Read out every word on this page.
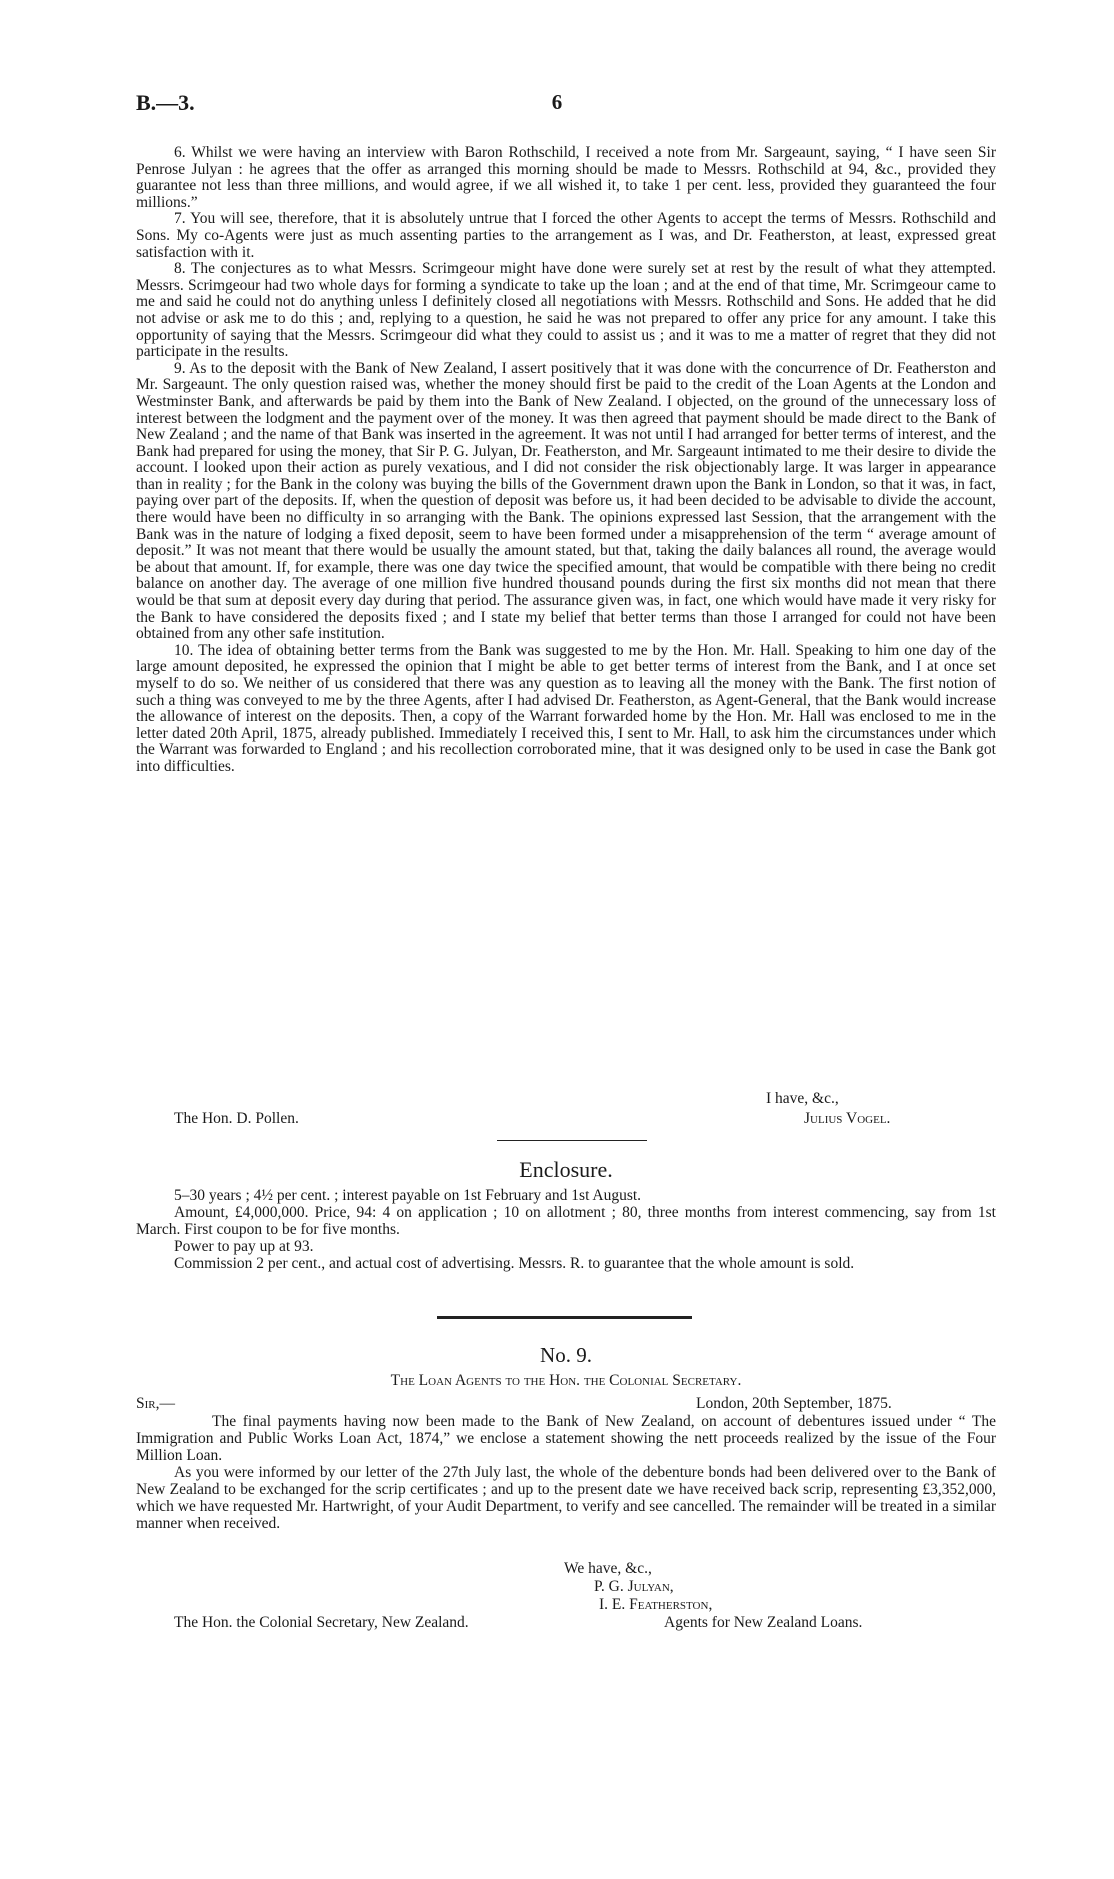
6
B.—3.

6. Whilst we were having an interview with Baron Rothschild, I received a note from Mr. Sargeaunt, saying, “ I have seen Sir Penrose Julyan : he agrees that the offer as arranged this morning should be made to Messrs. Rothschild at 94, &c., provided they guarantee not less than three millions, and would agree, if we all wished it, to take 1 per cent. less, provided they guaranteed the four millions.”

7. You will see, therefore, that it is absolutely untrue that I forced the other Agents to accept the terms of Messrs. Rothschild and Sons. My co-Agents were just as much assenting parties to the arrangement as I was, and Dr. Featherston, at least, expressed great satisfaction with it.

8. The conjectures as to what Messrs. Scrimgeour might have done were surely set at rest by the result of what they attempted. Messrs. Scrimgeour had two whole days for forming a syndicate to take up the loan ; and at the end of that time, Mr. Scrimgeour came to me and said he could not do anything unless I definitely closed all negotiations with Messrs. Rothschild and Sons. He added that he did not advise or ask me to do this ; and, replying to a question, he said he was not prepared to offer any price for any amount. I take this opportunity of saying that the Messrs. Scrimgeour did what they could to assist us ; and it was to me a matter of regret that they did not participate in the results.

9. As to the deposit with the Bank of New Zealand, I assert positively that it was done with the concurrence of Dr. Featherston and Mr. Sargeaunt. The only question raised was, whether the money should first be paid to the credit of the Loan Agents at the London and Westminster Bank, and afterwards be paid by them into the Bank of New Zealand. I objected, on the ground of the unnecessary loss of interest between the lodgment and the payment over of the money. It was then agreed that payment should be made direct to the Bank of New Zealand ; and the name of that Bank was inserted in the agreement. It was not until I had arranged for better terms of interest, and the Bank had prepared for using the money, that Sir P. G. Julyan, Dr. Featherston, and Mr. Sargeaunt intimated to me their desire to divide the account. I looked upon their action as purely vexatious, and I did not consider the risk objectionably large. It was larger in appearance than in reality ; for the Bank in the colony was buying the bills of the Government drawn upon the Bank in London, so that it was, in fact, paying over part of the deposits. If, when the question of deposit was before us, it had been decided to be advisable to divide the account, there would have been no difficulty in so arranging with the Bank. The opinions expressed last Session, that the arrangement with the Bank was in the nature of lodging a fixed deposit, seem to have been formed under a misapprehension of the term “ average amount of deposit.” It was not meant that there would be usually the amount stated, but that, taking the daily balances all round, the average would be about that amount. If, for example, there was one day twice the specified amount, that would be compatible with there being no credit balance on another day. The average of one million five hundred thousand pounds during the first six months did not mean that there would be that sum at deposit every day during that period. The assurance given was, in fact, one which would have made it very risky for the Bank to have considered the deposits fixed ; and I state my belief that better terms than those I arranged for could not have been obtained from any other safe institution.

10. The idea of obtaining better terms from the Bank was suggested to me by the Hon. Mr. Hall. Speaking to him one day of the large amount deposited, he expressed the opinion that I might be able to get better terms of interest from the Bank, and I at once set myself to do so. We neither of us considered that there was any question as to leaving all the money with the Bank. The first notion of such a thing was conveyed to me by the three Agents, after I had advised Dr. Featherston, as Agent-General, that the Bank would increase the allowance of interest on the deposits. Then, a copy of the Warrant forwarded home by the Hon. Mr. Hall was enclosed to me in the letter dated 20th April, 1875, already published. Immediately I received this, I sent to Mr. Hall, to ask him the circumstances under which the Warrant was forwarded to England ; and his recollection corroborated mine, that it was designed only to be used in case the Bank got into difficulties.

I have, &c.,
The Hon. D. Pollen.	Julius Vogel.
Enclosure.

5–30 years ; 4½ per cent. ; interest payable on 1st February and 1st August.

Amount, £4,000,000. Price, 94: 4 on application ; 10 on allotment ; 80, three months from interest commencing, say from 1st March. First coupon to be for five months.

Power to pay up at 93.

Commission 2 per cent., and actual cost of advertising. Messrs. R. to guarantee that the whole amount is sold.

No. 9.
The Loan Agents to the Hon. the Colonial Secretary.
Sir,—	London, 20th September, 1875.

The final payments having now been made to the Bank of New Zealand, on account of debentures issued under “ The Immigration and Public Works Loan Act, 1874,” we enclose a statement showing the nett proceeds realized by the issue of the Four Million Loan.

As you were informed by our letter of the 27th July last, the whole of the debenture bonds had been delivered over to the Bank of New Zealand to be exchanged for the scrip certificates ; and up to the present date we have received back scrip, representing £3,352,000, which we have requested Mr. Hartwright, of your Audit Department, to verify and see cancelled. The remainder will be treated in a similar manner when received.

We have, &c.,
P. G. Julyan,
I. E. Featherston,
The Hon. the Colonial Secretary, New Zealand.	Agents for New Zealand Loans.
